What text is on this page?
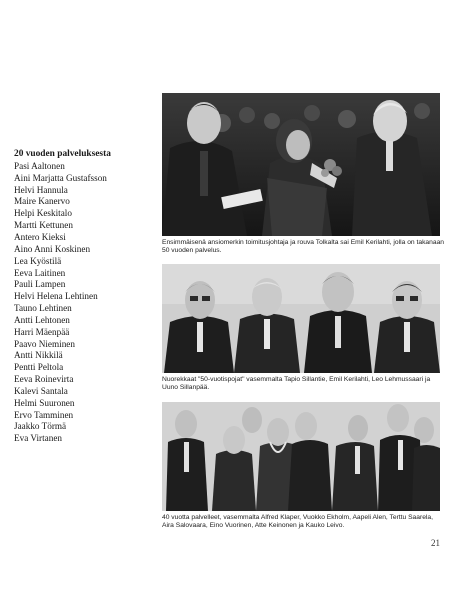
20 vuoden palveluksesta

Pasi Aaltonen
Aini Marjatta Gustafsson
Helvi Hannula
Maire Kanervo
Helpi Keskitalo
Martti Kettunen
Antero Kieksi
Aino Anni Koskinen
Lea Kyöstilä
Eeva Laitinen
Pauli Lampen
Helvi Helena Lehtinen
Tauno Lehtinen
Antti Lehtonen
Harri Mäenpää
Paavo Nieminen
Antti Nikkilä
Pentti Peltola
Eeva Roinevirta
Kalevi Santala
Helmi Suuronen
Ervo Tamminen
Jaakko Törmä
Eva Virtanen

Ensimmäisenä ansiomerkin toimitusjohtaja ja rouva Tolkalta sai Emil Kerilahti, jolla on takanaan 50 vuoden palvelus.

Nuorekkaat "50-vuotispojat" vasemmalta Tapio Sillantie, Emil Kerilahti, Leo Lehmussaari ja Uuno Sillanpää.

40 vuotta palvelleet, vasemmalta Alfred Klaper, Vuokko Ekholm, Aapeli Alen, Terttu Saarela, Aira Salovaara, Eino Vuorinen, Atte Keinonen ja Kauko Leivo.

21
